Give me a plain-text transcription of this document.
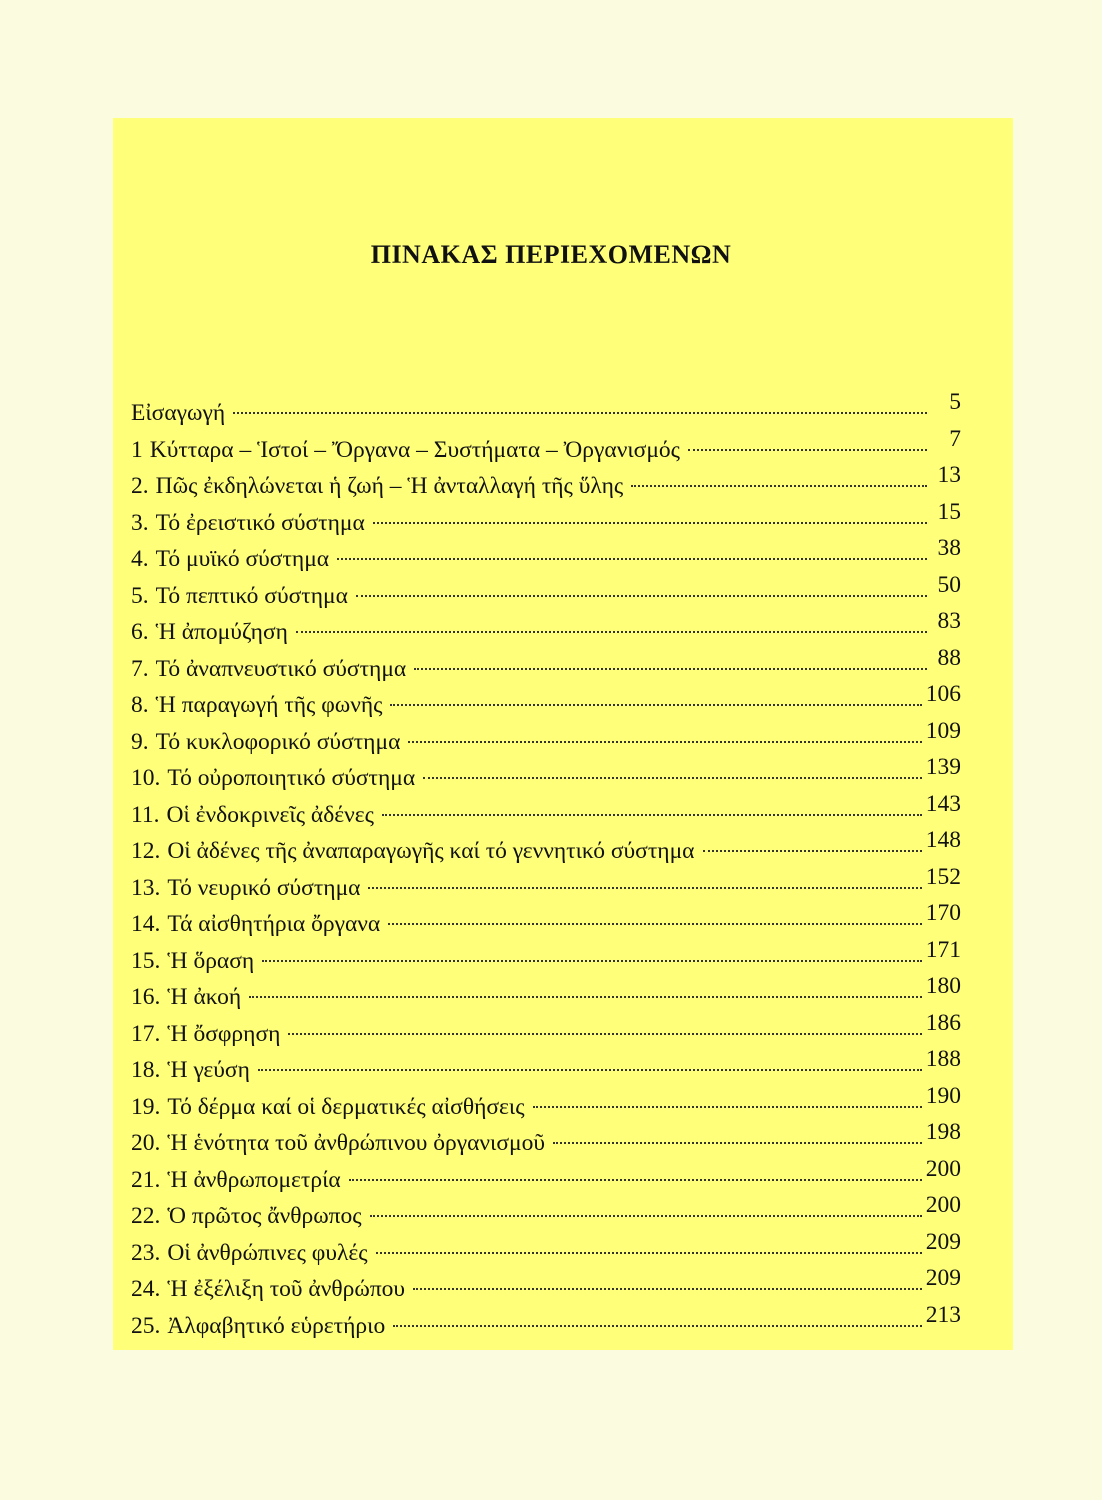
ΠΙΝΑΚΑΣ ΠΕΡΙΕΧΟΜΕΝΩΝ
Εἰσαγωγή	5
1 Κύτταρα – Ἱστοί – Ὄργανα – Συστήματα – Ὀργανισμός	7
2. Πῶς ἐκδηλώνεται ἡ ζωή – Ἡ ἀνταλλαγή τῆς ὕλης	13
3. Τό ἐρειστικό σύστημα	15
4. Τό μυϊκό σύστημα	38
5. Τό πεπτικό σύστημα	50
6. Ἡ ἀπομύζηση	83
7. Τό ἀναπνευστικό σύστημα	88
8. Ἡ παραγωγή τῆς φωνῆς	106
9. Τό κυκλοφορικό σύστημα	109
10. Τό οὐροποιητικό σύστημα	139
11. Οἱ ἐνδοκρινεῖς ἀδένες	143
12. Οἱ ἀδένες τῆς ἀναπαραγωγῆς καί τό γεννητικό σύστημα	148
13. Τό νευρικό σύστημα	152
14. Τά αἰσθητήρια ὄργανα	170
15. Ἡ ὅραση	171
16. Ἡ ἀκοή	180
17. Ἡ ὄσφρηση	186
18. Ἡ γεύση	188
19. Τό δέρμα καί οἱ δερματικές αἰσθήσεις	190
20. Ἡ ἑνότητα τοῦ ἀνθρώπινου ὀργανισμοῦ	198
21. Ἡ ἀνθρωπομετρία	200
22. Ὁ πρῶτος ἄνθρωπος	200
23. Οἱ ἀνθρώπινες φυλές	209
24. Ἡ ἐξέλιξη τοῦ ἀνθρώπου	209
25. Ἀλφαβητικό εὑρετήριο	213
